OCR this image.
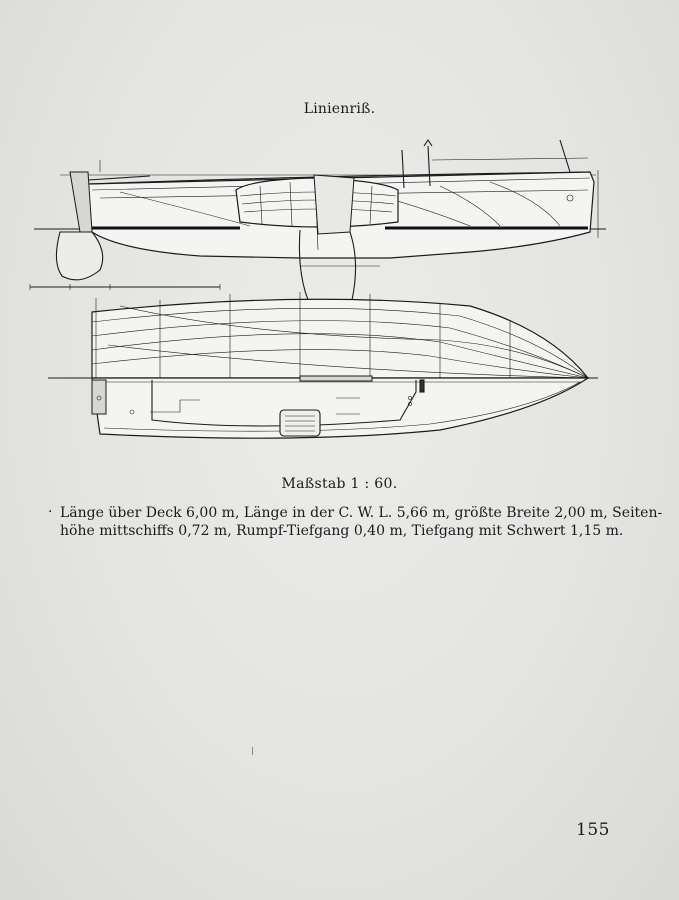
Linienriß.
Maßstab 1 : 60.
· Länge über Deck 6,00 m, Länge in der C. W. L. 5,66 m, größte Breite 2,00 m, Seiten-

höhe mittschiffs 0,72 m, Rumpf-Tiefgang 0,40 m, Tiefgang mit Schwert 1,15 m.

155
